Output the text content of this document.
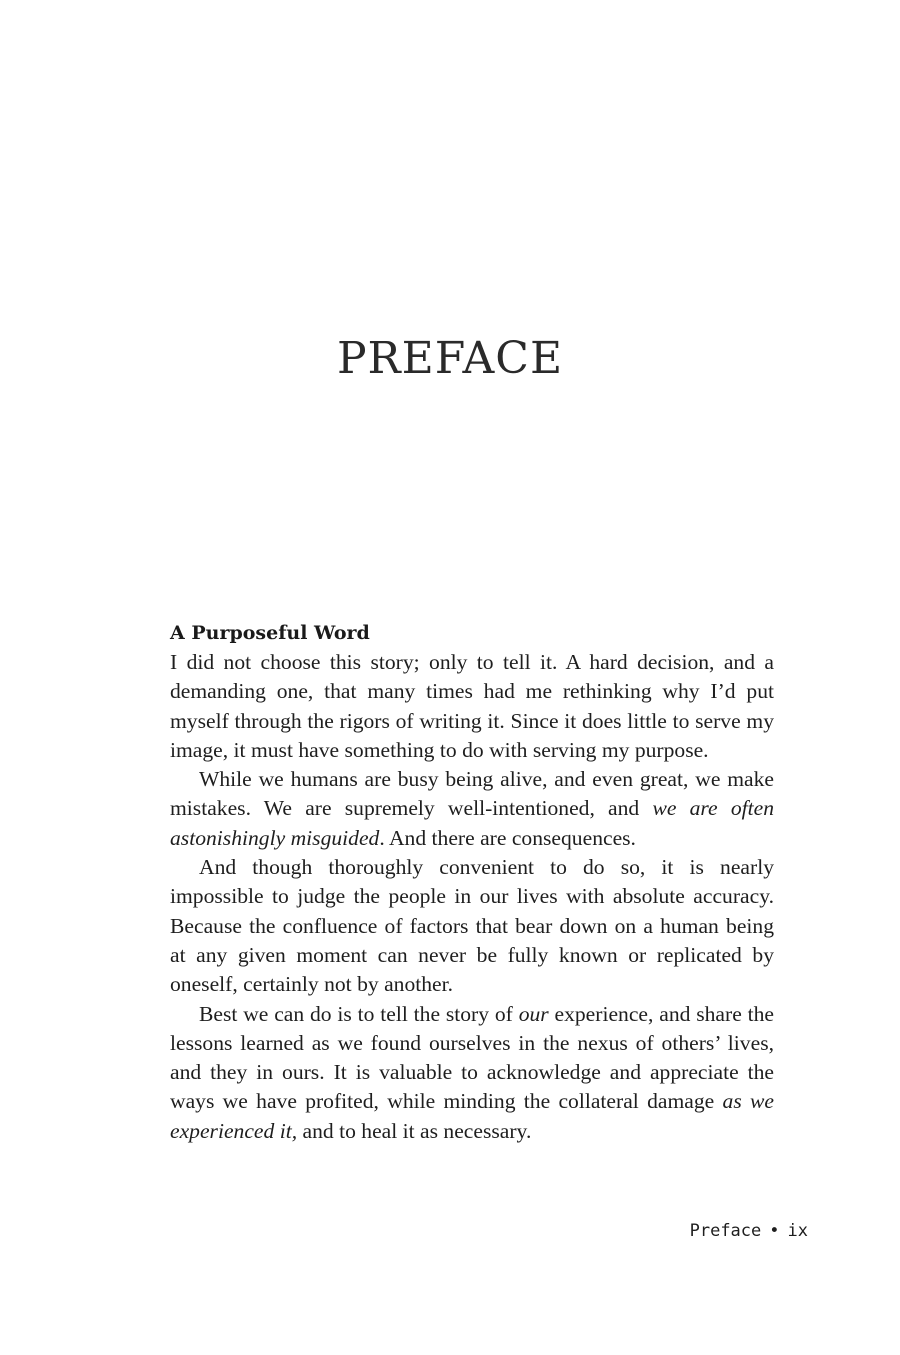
PREFACE
A Purposeful Word

I did not choose this story; only to tell it. A hard decision, and a demanding one, that many times had me rethinking why I’d put myself through the rigors of writing it. Since it does little to serve my image, it must have something to do with serving my purpose.

While we humans are busy being alive, and even great, we make mistakes. We are supremely well-intentioned, and we are often astonishingly misguided. And there are consequences.

And though thoroughly convenient to do so, it is nearly impossible to judge the people in our lives with absolute accuracy. Because the confluence of factors that bear down on a human being at any given moment can never be fully known or replicated by oneself, certainly not by another.

Best we can do is to tell the story of our experience, and share the lessons learned as we found ourselves in the nexus of others’ lives, and they in ours. It is valuable to acknowledge and appreciate the ways we have profited, while minding the collateral damage as we experienced it, and to heal it as necessary.

Preface • ix
